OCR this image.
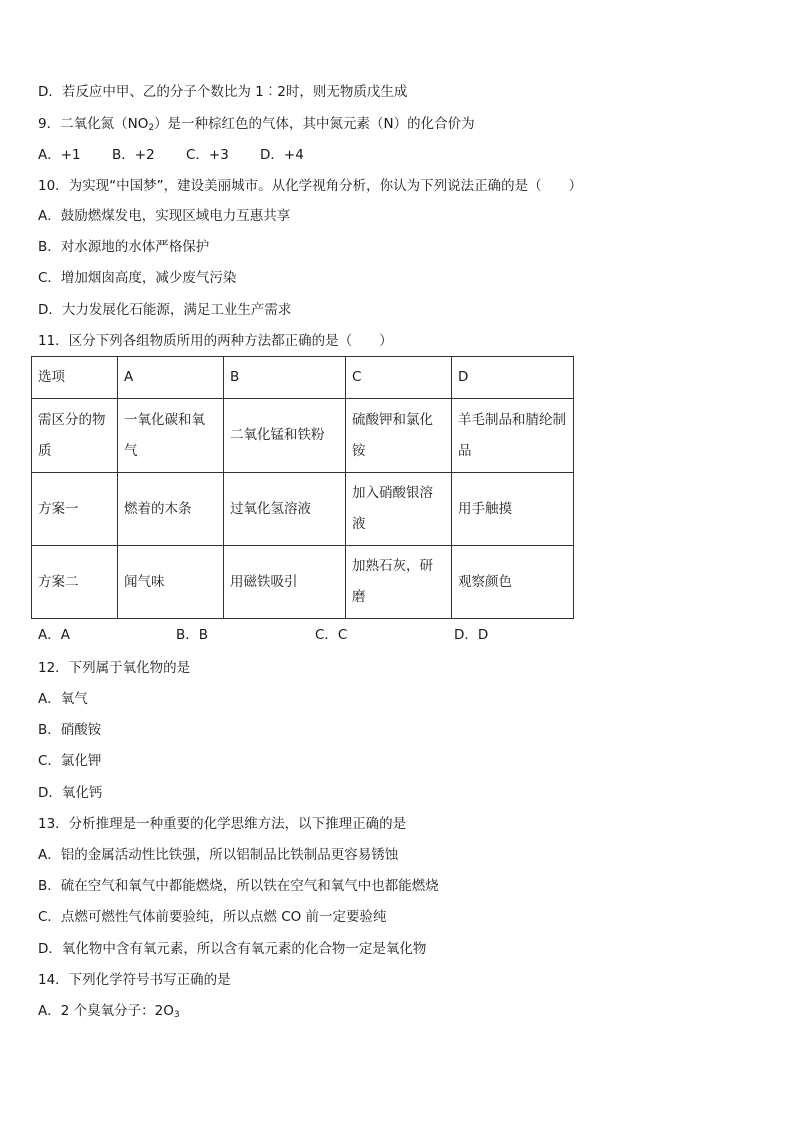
D．若反应中甲、乙的分子个数比为 1︰2时，则无物质戊生成
9．二氧化氮$(NO_2)$是一种棕红色的气体，其中氮元素（N）的化合价为
A．+1 B．+2 C．+3 D．+4
10．为实现“中国梦”，建设美丽城市。从化学视角分析，你认为下列说法正确的是（　　）
A．鼓励燃煤发电，实现区域电力互惠共享
B．对水源地的水体严格保护
C．增加烟囱高度，减少废气污染
D．大力发展化石能源，满足工业生产需求
11．区分下列各组物质所用的两种方法都正确的是（　　）
选项	A	B	C	D
需区分的物质	一氧化碳和氧气	二氧化锰和铁粉	硫酸钾和氯化铵	羊毛制品和腈纶制品
方案一	燃着的木条	过氧化氢溶液	加入硝酸银溶液	用手触摸
方案二	闻气味	用磁铁吸引	加熟石灰，研磨	观察颜色
A．A	B．B	C．C	D．D
12．下列属于氧化物的是
A．氧气
B．硝酸铵
C．氯化钾
D．氧化钙
13．分析推理是一种重要的化学思维方法，以下推理正确的是
A．铝的金属活动性比铁强，所以铝制品比铁制品更容易锈蚀
B．硫在空气和氧气中都能燃烧，所以铁在空气和氧气中也都能燃烧
C．点燃可燃性气体前要验纯，所以点燃 CO 前一定要验纯
D．氧化物中含有氧元素，所以含有氧元素的化合物一定是氧化物
14．下列化学符号书写正确的是
A．2 个臭氧分子：$2O_3$
